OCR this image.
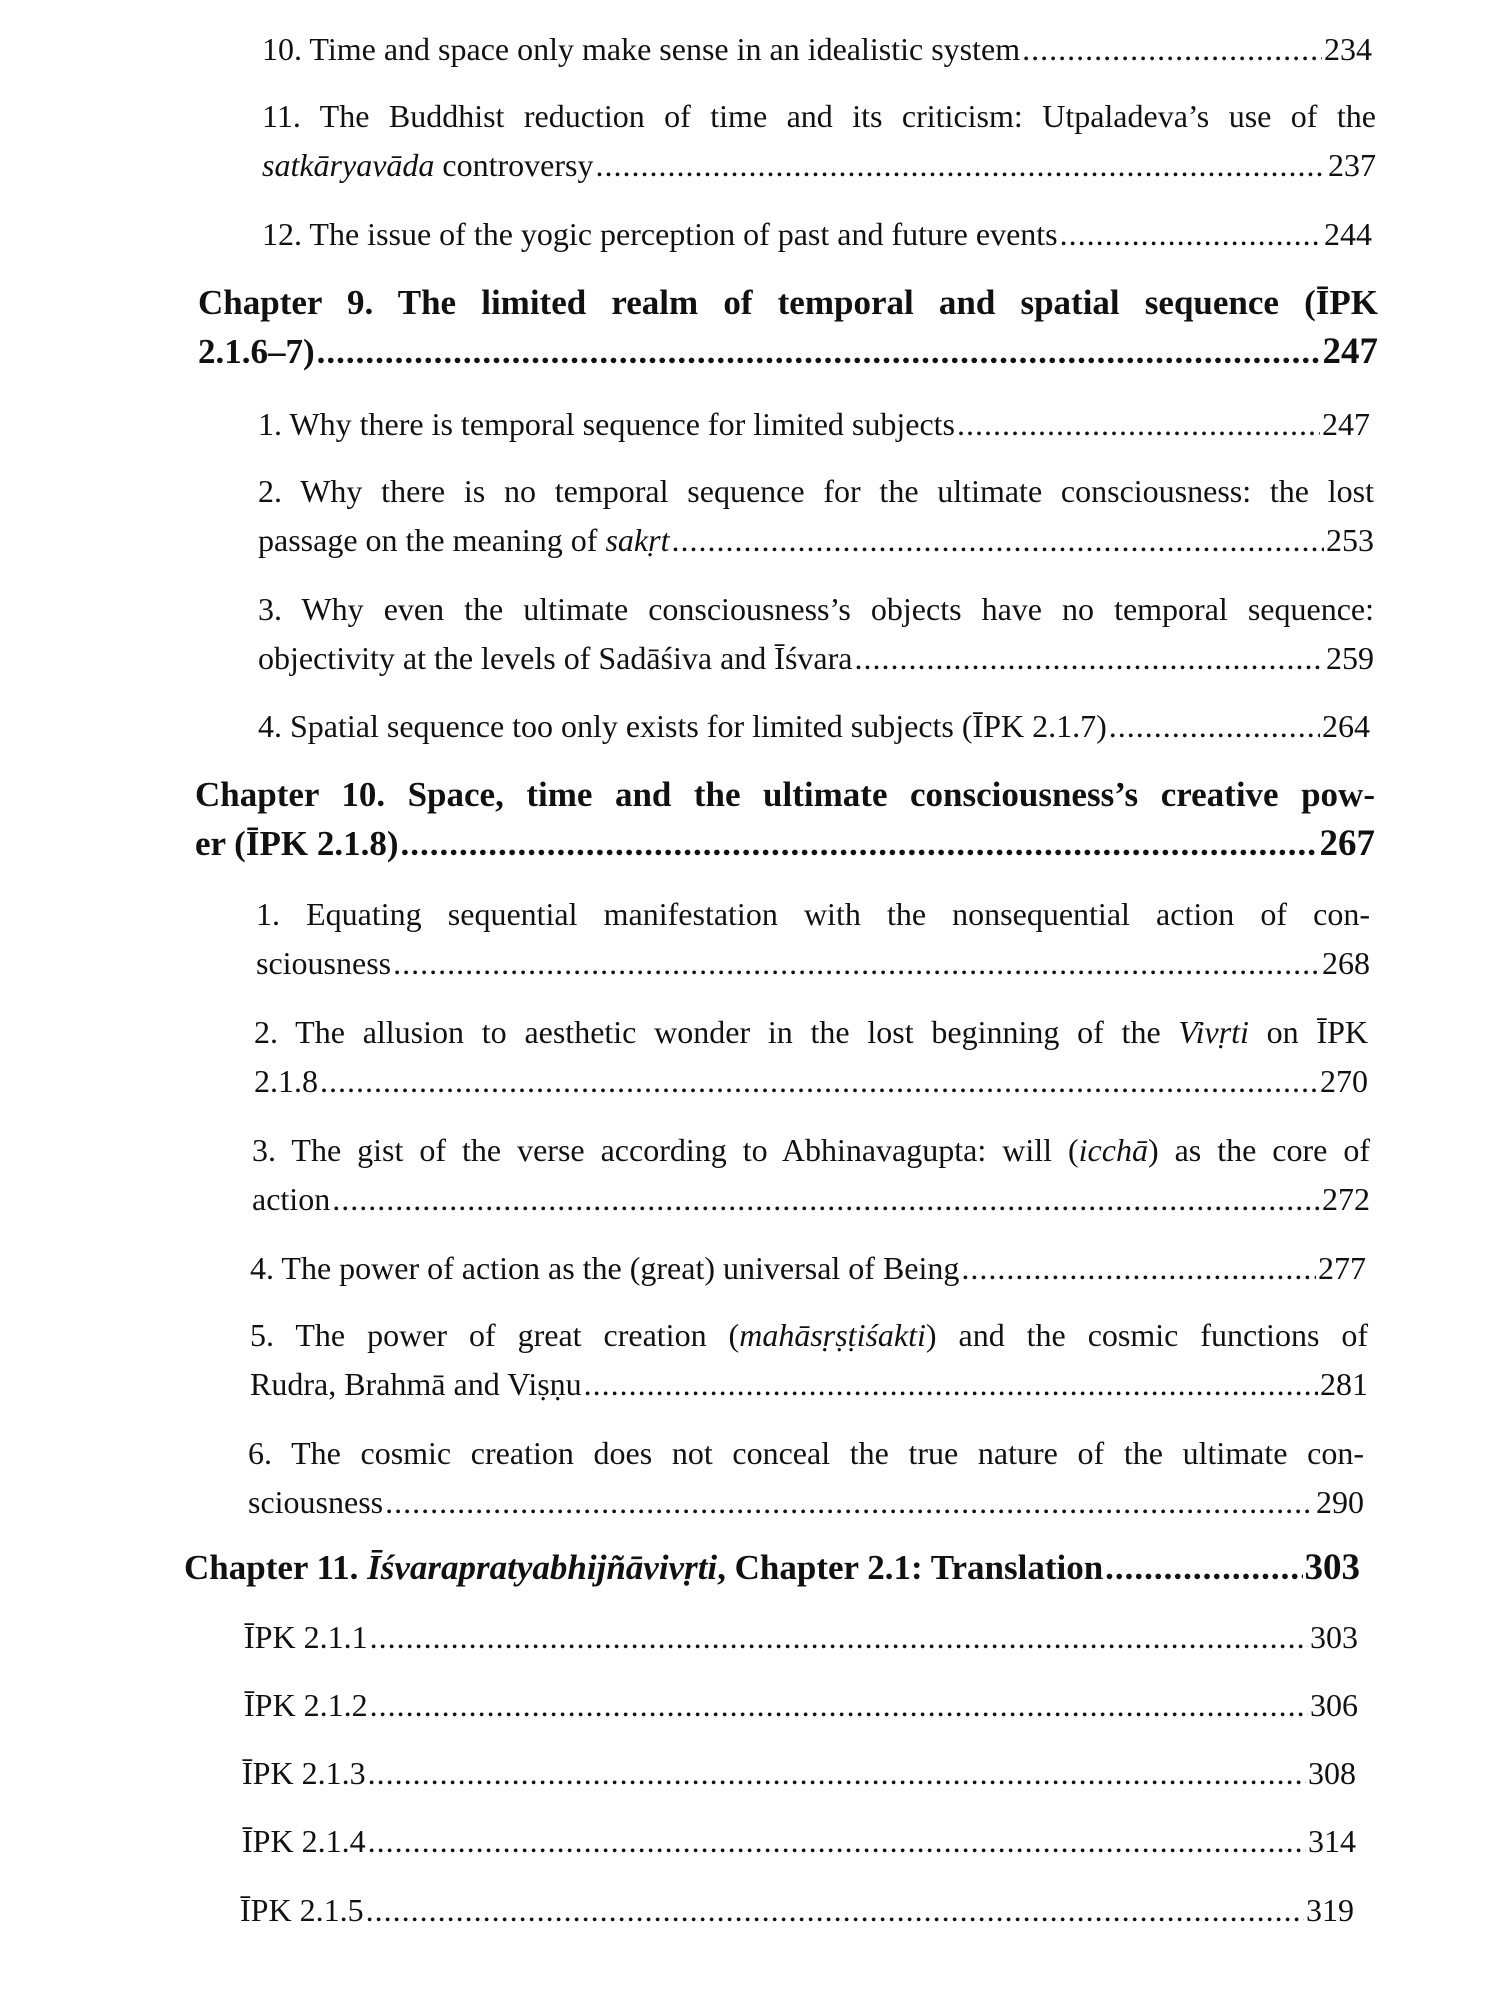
10. Time and space only make sense in an idealistic system .....	234
11. The Buddhist reduction of time and its criticism: Utpaladeva’s use of the
satkāryavāda controversy .....	237
12. The issue of the yogic perception of past and future events .....	244
Chapter 9. The limited realm of temporal and spatial sequence (ĪPK
2.1.6–7) .....	247
1. Why there is temporal sequence for limited subjects .....	247
2. Why there is no temporal sequence for the ultimate consciousness: the lost
passage on the meaning of sakṛt .....	253
3. Why even the ultimate consciousness’s objects have no temporal sequence:
objectivity at the levels of Sadāśiva and Īśvara .....	259
4. Spatial sequence too only exists for limited subjects (ĪPK 2.1.7) .....	264
Chapter 10. Space, time and the ultimate consciousness’s creative pow-
er (ĪPK 2.1.8) .....	267
1. Equating sequential manifestation with the nonsequential action of con-
sciousness .....	268
2. The allusion to aesthetic wonder in the lost beginning of the Vivṛti on ĪPK
2.1.8 .....	270
3. The gist of the verse according to Abhinavagupta: will (icchā) as the core of
action .....	272
4. The power of action as the (great) universal of Being .....	277
5. The power of great creation (mahāsṛṣṭiśakti) and the cosmic functions of
Rudra, Brahmā and Viṣṇu .....	281
6. The cosmic creation does not conceal the true nature of the ultimate con-
sciousness .....	290
Chapter 11. Īśvarapratyabhijñāvivṛti, Chapter 2.1: Translation .....	303
ĪPK 2.1.1 .....	303
ĪPK 2.1.2 .....	306
ĪPK 2.1.3 .....	308
ĪPK 2.1.4 .....	314
ĪPK 2.1.5 .....	319
